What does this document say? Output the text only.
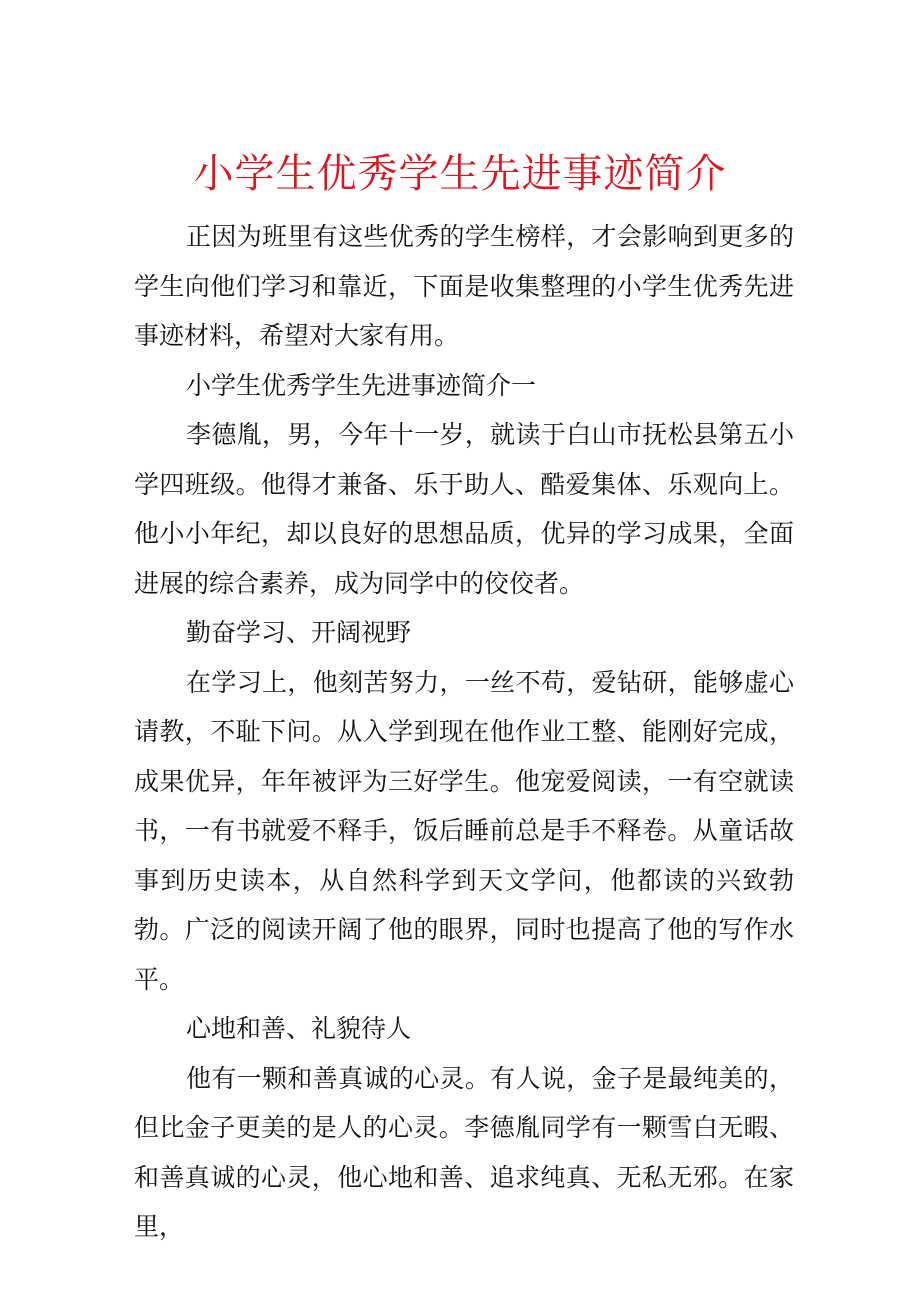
小学生优秀学生先进事迹简介

正因为班里有这些优秀的学生榜样，才会影响到更多的学生向他们学习和靠近，下面是收集整理的小学生优秀先进事迹材料，希望对大家有用。

小学生优秀学生先进事迹简介一

李德胤，男，今年十一岁，就读于白山市抚松县第五小学四班级。他得才兼备、乐于助人、酷爱集体、乐观向上。他小小年纪，却以良好的思想品质，优异的学习成果，全面进展的综合素养，成为同学中的佼佼者。

勤奋学习、开阔视野

在学习上，他刻苦努力，一丝不苟，爱钻研，能够虚心请教，不耻下问。从入学到现在他作业工整、能刚好完成，成果优异，年年被评为三好学生。他宠爱阅读，一有空就读书，一有书就爱不释手，饭后睡前总是手不释卷。从童话故事到历史读本，从自然科学到天文学问，他都读的兴致勃勃。广泛的阅读开阔了他的眼界，同时也提高了他的写作水平。

心地和善、礼貌待人

他有一颗和善真诚的心灵。有人说，金子是最纯美的，但比金子更美的是人的心灵。李德胤同学有一颗雪白无暇、和善真诚的心灵，他心地和善、追求纯真、无私无邪。在家里，
